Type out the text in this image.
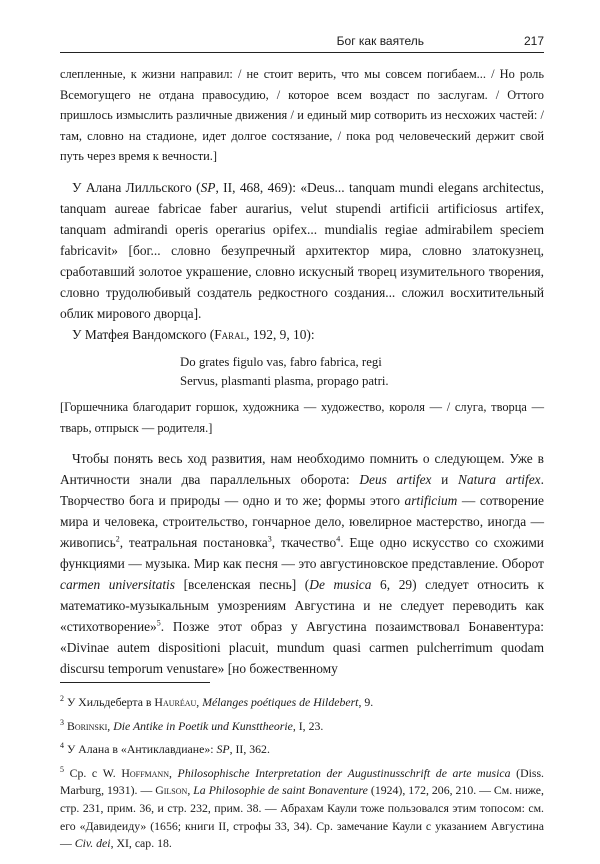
Бог как ваятель	217

слепленные, к жизни направил: / не стоит верить, что мы совсем погибаем... / Но роль Всемогущего не отдана правосудию, / которое всем воздаст по заслугам. / Оттого пришлось измыслить различные движения / и единый мир сотворить из несхожих частей: / там, словно на стадионе, идет долгое состязание, / пока род человеческий держит свой путь через время к вечности.]

У Алана Лилльского (SP, II, 468, 469): «Deus... tanquam mundi elegans architectus, tanquam aureae fabricae faber aurarius, velut stupendi artificii artificiosus artifex, tanquam admirandi operis operarius opifex... mundialis regiae admirabilem speciem fabricavit» [бог... словно безупречный архитектор мира, словно златокузнец, сработавший золотое украшение, словно искусный творец изумительного творения, словно трудолюбивый создатель редкостного создания... сложил восхитительный облик мирового дворца].

У Матфея Вандомского (Faral, 192, 9, 10):

Do grates figulo vas, fabro fabrica, regi
Servus, plasmanti plasma, propago patri.

[Горшечника благодарит горшок, художника — художество, короля — / слуга, творца — тварь, отпрыск — родителя.]

Чтобы понять весь ход развития, нам необходимо помнить о следующем. Уже в Античности знали два параллельных оборота: Deus artifex и Natura artifex. Творчество бога и природы — одно и то же; формы этого artificium — сотворение мира и человека, строительство, гончарное дело, ювелирное мастерство, иногда — живопись$^2$, театральная постановка$^3$, ткачество$^4$. Еще одно искусство со схожими функциями — музыка. Мир как песня — это августиновское представление. Оборот carmen universitatis [вселенская песнь] (De musica 6, 29) следует относить к математико-музыкальным умозрениям Августина и не следует переводить как «стихотворение»$^5$. Позже этот образ у Августина позаимствовал Бонавентура: «Divinae autem dispositioni placuit, mundum quasi carmen pulcherrimum quodam discursu temporum venustare» [но божественному

$^2$ У Хильдеберта в Hauréau, Mélanges poétiques de Hildebert, 9.

$^3$ Borinski, Die Antike in Poetik und Kunsttheorie, I, 23.

$^4$ У Алана в «Антиклавдиане»: SP, II, 362.

$^5$ Ср. с W. Hoffmann, Philosophische Interpretation der Augustinusschrift de arte musica (Diss. Marburg, 1931). — Gilson, La Philosophie de saint Bonaventure (1924), 172, 206, 210. — См. ниже, стр. 231, прим. 36, и стр. 232, прим. 38. — Абрахам Каули тоже пользовался этим топосом: см. его «Давидеиду» (1656; книги II, строфы 33, 34). Ср. замечание Каули с указанием Августина — Civ. dei, XI, cap. 18.
